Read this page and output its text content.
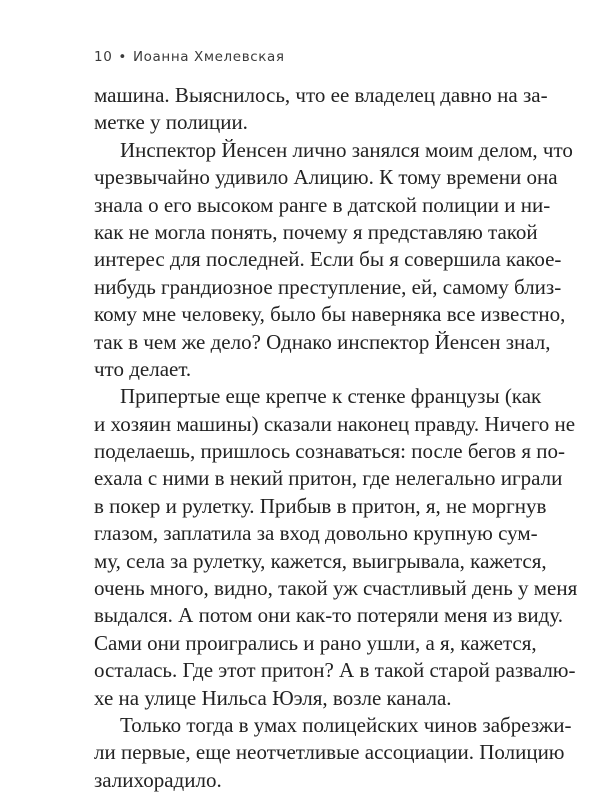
10 • Иоанна Хмелевская
машина. Выяснилось, что ее владелец давно на за-
метке у полиции.
Инспектор Йенсен лично занялся моим делом, что
чрезвычайно удивило Алицию. К тому времени она
знала о его высоком ранге в датской полиции и ни-
как не могла понять, почему я представляю такой
интерес для последней. Если бы я совершила какое-
нибудь грандиозное преступление, ей, самому близ-
кому мне человеку, было бы наверняка все известно,
так в чем же дело? Однако инспектор Йенсен знал,
что делает.
Припертые еще крепче к стенке французы (как
и хозяин машины) сказали наконец правду. Ничего не
поделаешь, пришлось сознаваться: после бегов я по-
ехала с ними в некий притон, где нелегально играли
в покер и рулетку. Прибыв в притон, я, не моргнув
глазом, заплатила за вход довольно крупную сум-
му, села за рулетку, кажется, выигрывала, кажется,
очень много, видно, такой уж счастливый день у меня
выдался. А потом они как-то потеряли меня из виду.
Сами они проигрались и рано ушли, а я, кажется,
осталась. Где этот притон? А в такой старой развалю-
хе на улице Нильса Юэля, возле канала.
Только тогда в умах полицейских чинов забрезжи-
ли первые, еще неотчетливые ассоциации. Полицию
залихорадило.
